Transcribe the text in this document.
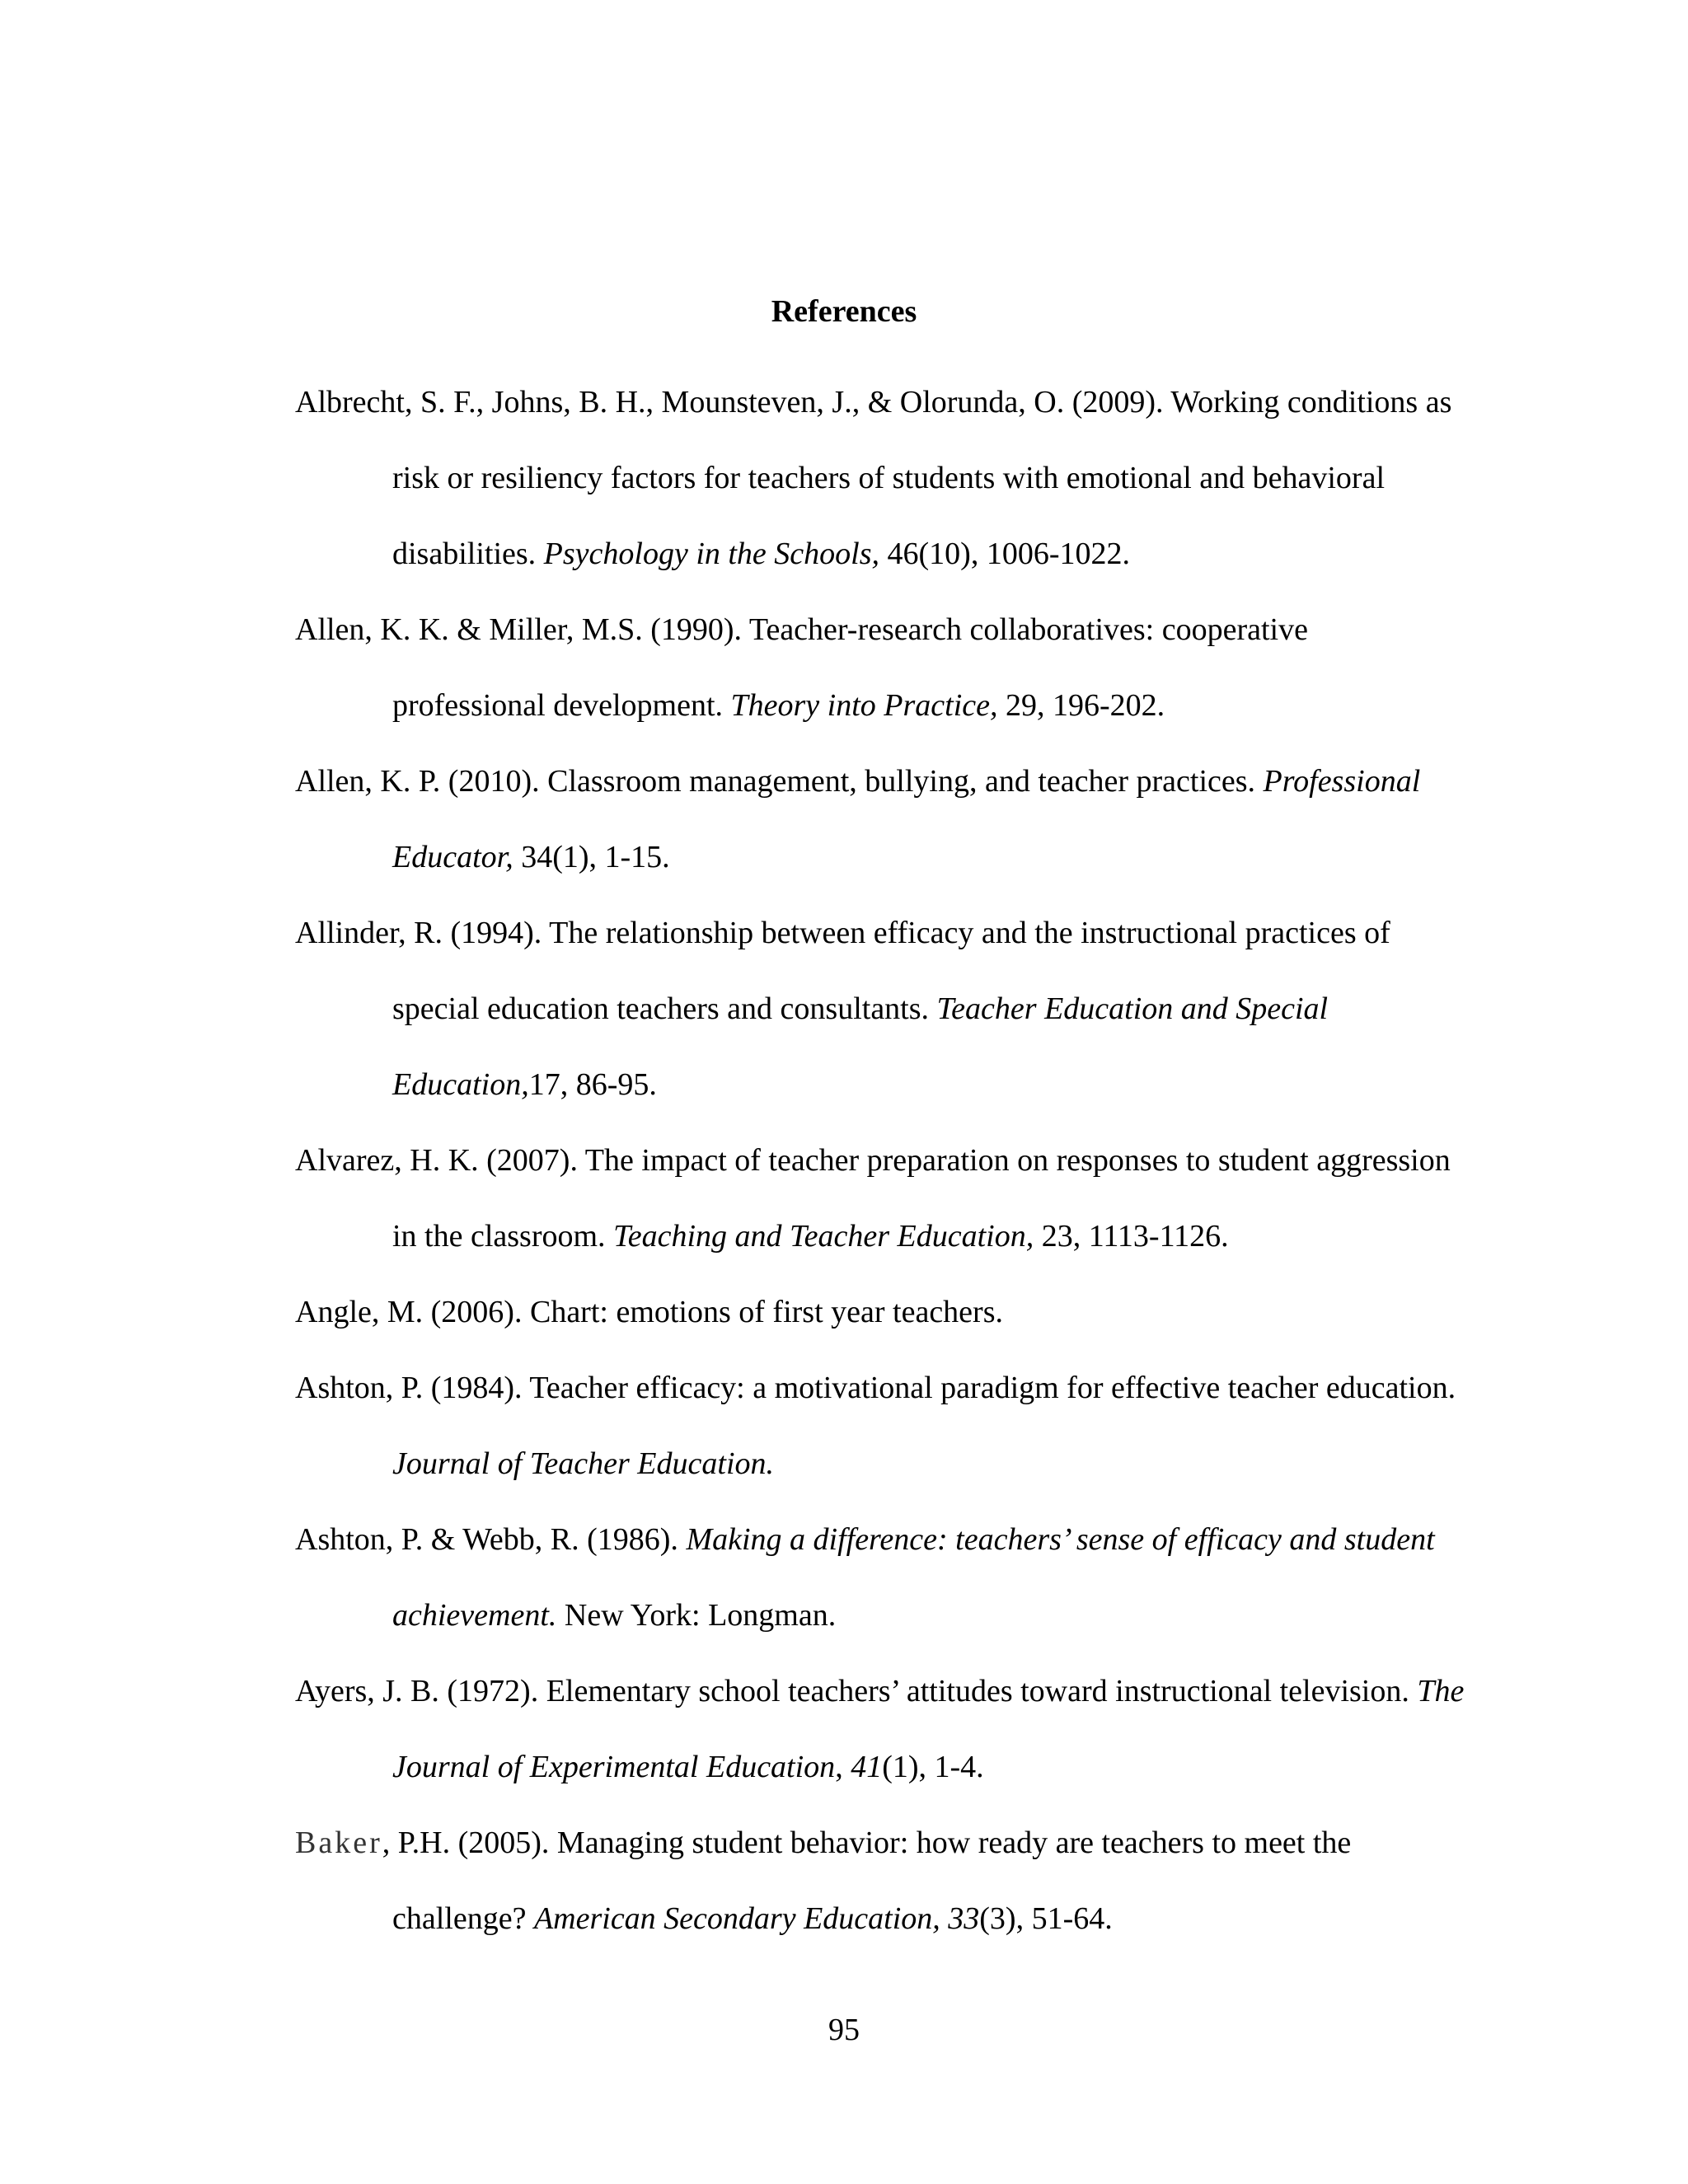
References
Albrecht, S. F., Johns, B. H., Mounsteven, J., & Olorunda, O. (2009). Working conditions as risk or resiliency factors for teachers of students with emotional and behavioral disabilities. Psychology in the Schools, 46(10), 1006-1022.
Allen, K. K. & Miller, M.S. (1990). Teacher-research collaboratives: cooperative professional development. Theory into Practice, 29, 196-202.
Allen, K. P. (2010). Classroom management, bullying, and teacher practices. Professional Educator, 34(1), 1-15.
Allinder, R. (1994). The relationship between efficacy and the instructional practices of special education teachers and consultants. Teacher Education and Special Education,17, 86-95.
Alvarez, H. K. (2007). The impact of teacher preparation on responses to student aggression in the classroom. Teaching and Teacher Education, 23, 1113-1126.
Angle, M. (2006). Chart: emotions of first year teachers.
Ashton, P. (1984). Teacher efficacy: a motivational paradigm for effective teacher education. Journal of Teacher Education.
Ashton, P. & Webb, R. (1986). Making a difference: teachers’ sense of efficacy and student achievement. New York: Longman.
Ayers, J. B. (1972). Elementary school teachers’ attitudes toward instructional television. The Journal of Experimental Education, 41(1), 1-4.
Baker, P.H. (2005). Managing student behavior: how ready are teachers to meet the challenge? American Secondary Education, 33(3), 51-64.
95
